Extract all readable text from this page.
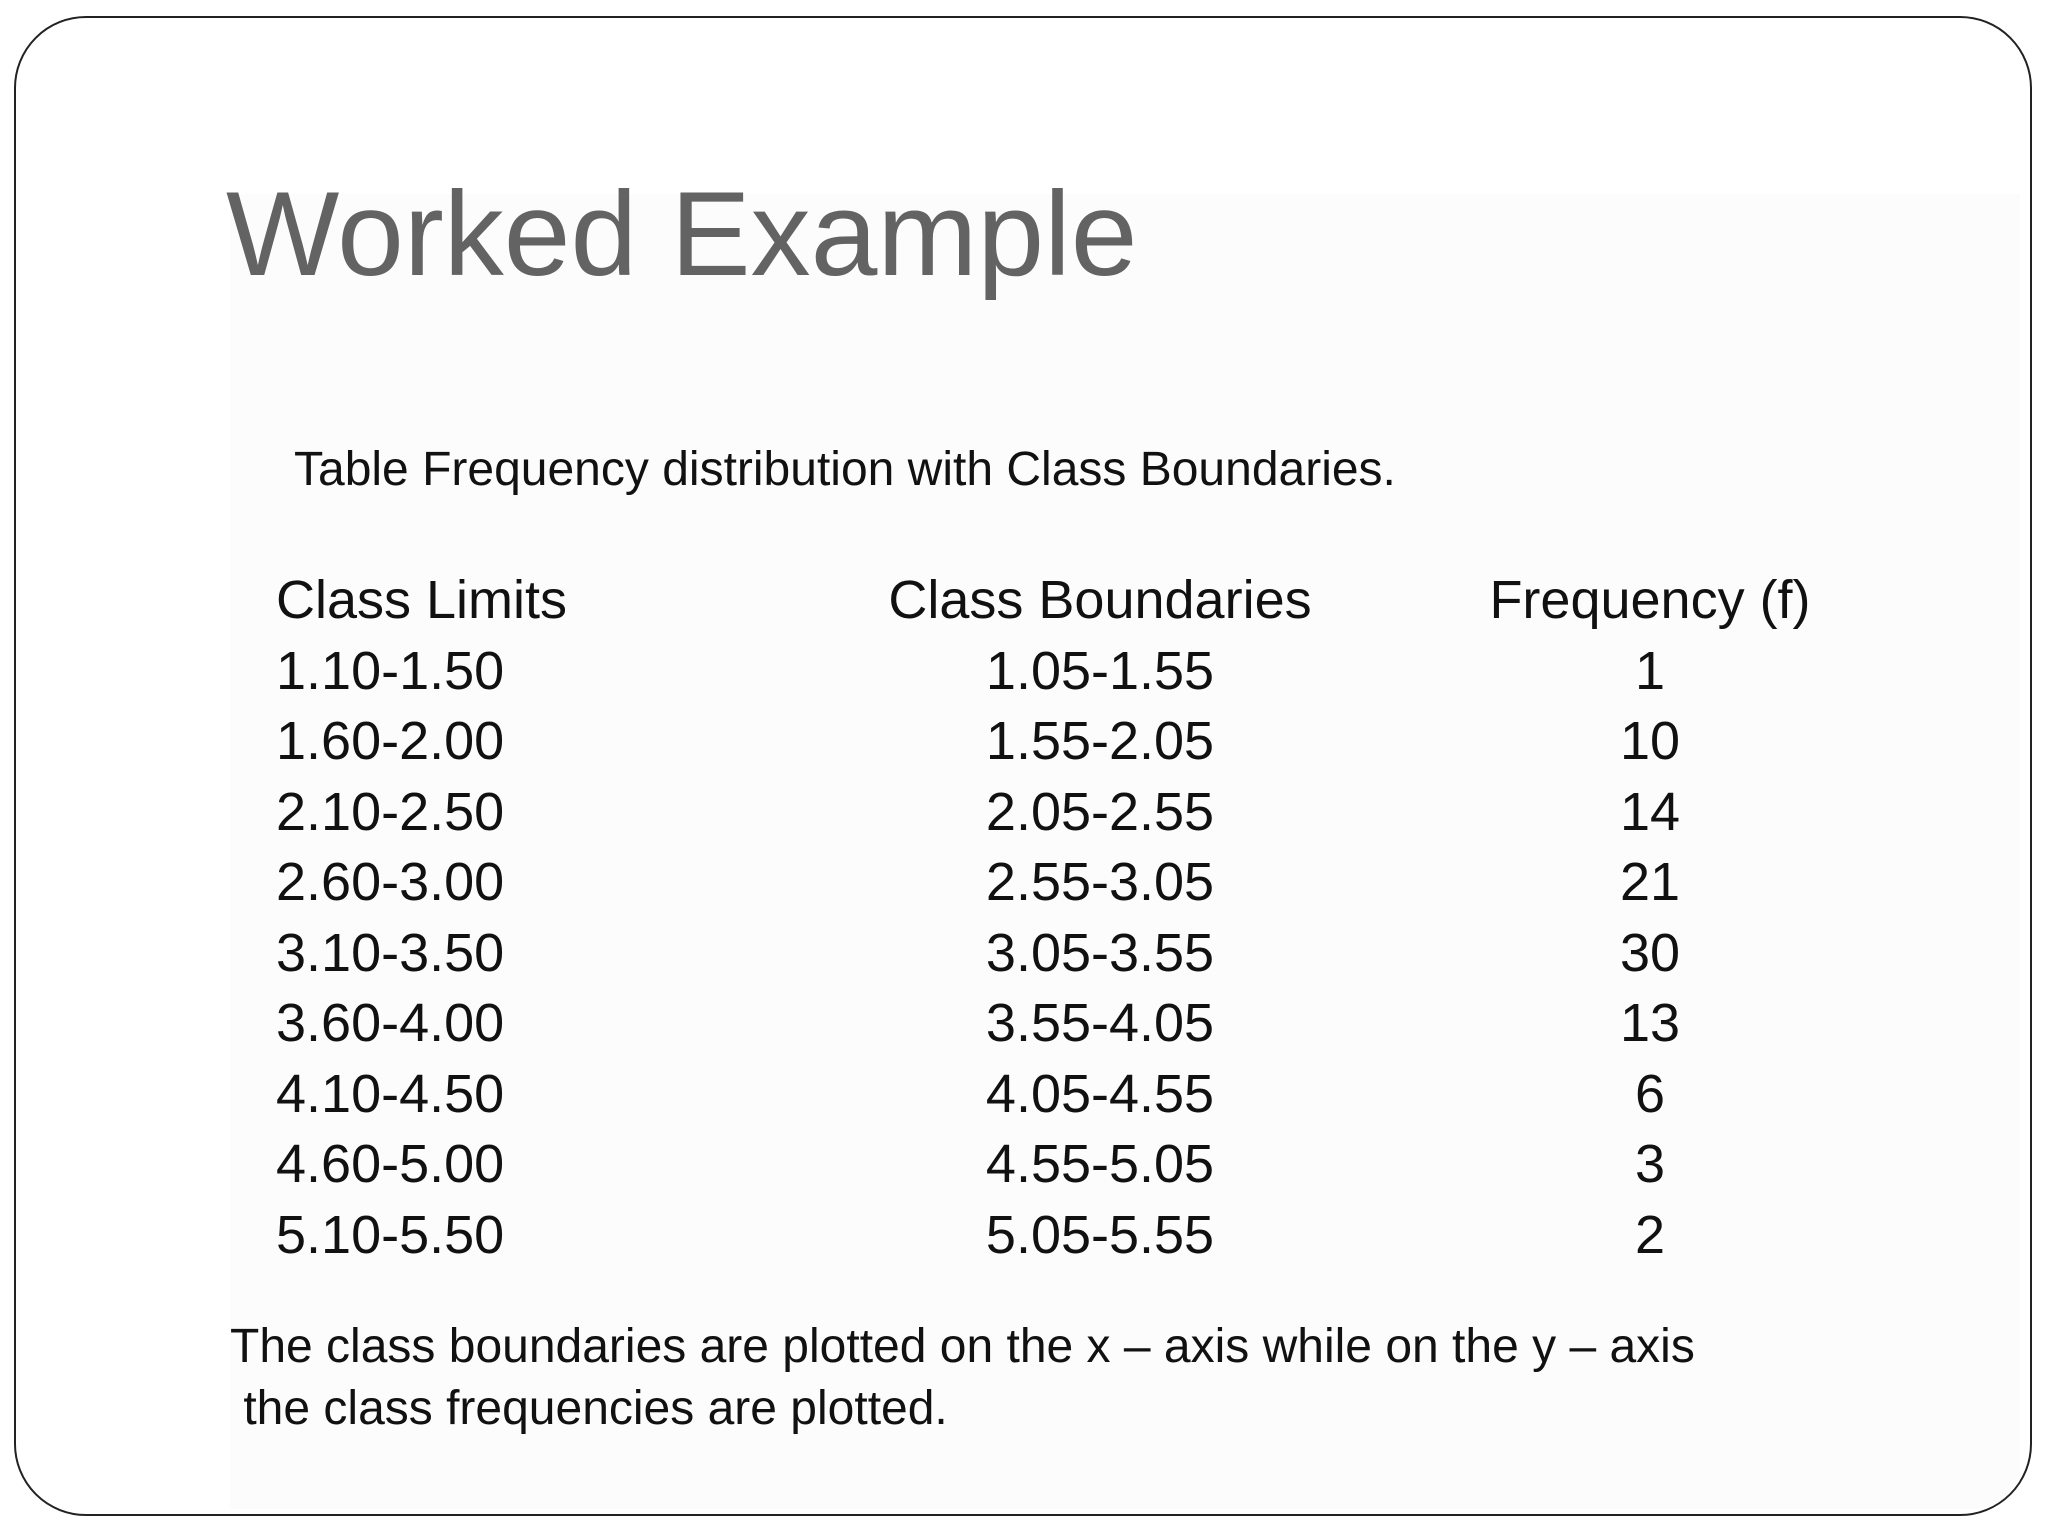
Worked Example
Table Frequency distribution with Class Boundaries.
Class Limits	Class Boundaries	Frequency (f)
1.10-1.50	1.05-1.55	1
1.60-2.00	1.55-2.05	10
2.10-2.50	2.05-2.55	14
2.60-3.00	2.55-3.05	21
3.10-3.50	3.05-3.55	30
3.60-4.00	3.55-4.05	13
4.10-4.50	4.05-4.55	6
4.60-5.00	4.55-5.05	3
5.10-5.50	5.05-5.55	2
The class boundaries are plotted on the x – axis while on the y – axis
the class frequencies are plotted.
